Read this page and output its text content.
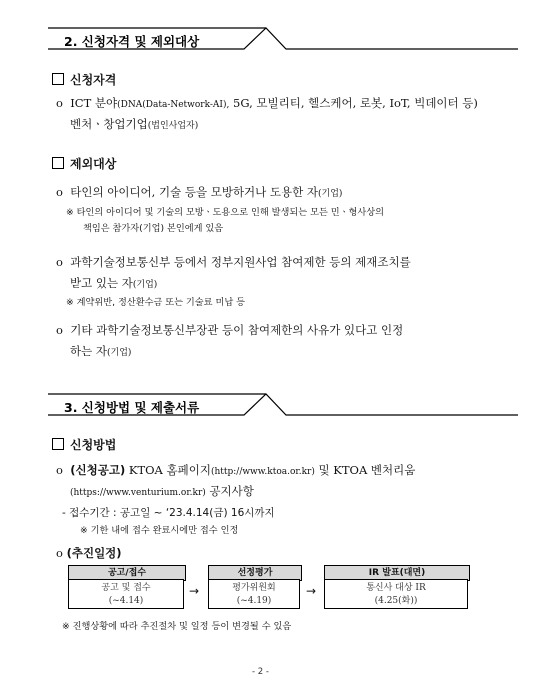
2. 신청자격 및 제외대상
신청자격
o ICT 분야(DNA(Data-Network-AI), 5G, 모빌리티, 헬스케어, 로봇, IoT, 빅데이터 등)
벤처ㆍ창업기업(법인사업자)
제외대상
o 타인의 아이디어, 기술 등을 모방하거나 도용한 자(기업)
※ 타인의 아이디어 및 기술의 모방ㆍ도용으로 인해 발생되는 모든 민ㆍ형사상의
책임은 참가자(기업) 본인에게 있음
o 과학기술정보통신부 등에서 정부지원사업 참여제한 등의 제재조치를
받고 있는 자(기업)
※ 계약위반, 정산환수금 또는 기술료 미납 등
o 기타 과학기술정보통신부장관 등이 참여제한의 사유가 있다고 인정
하는 자(기업)
3. 신청방법 및 제출서류
신청방법
o  (신청공고) KTOA 홈페이지(http://www.ktoa.or.kr) 및 KTOA 벤처리움
(https://www.venturium.or.kr) 공지사항
- 접수기간 : 공고일 ~ ‘23.4.14(금) 16시까지
※ 기한 내에 접수 완료시에만 접수 인정
o (추진일정)
공고/접수
공고 및 접수
(~4.14)
→
선정평가
평가위원회
(~4.19)
→
IR 발표(대면)
통신사 대상 IR
(4.25(화))
※ 진행상황에 따라 추진절차 및 일정 등이 변경될 수 있음
- 2 -
